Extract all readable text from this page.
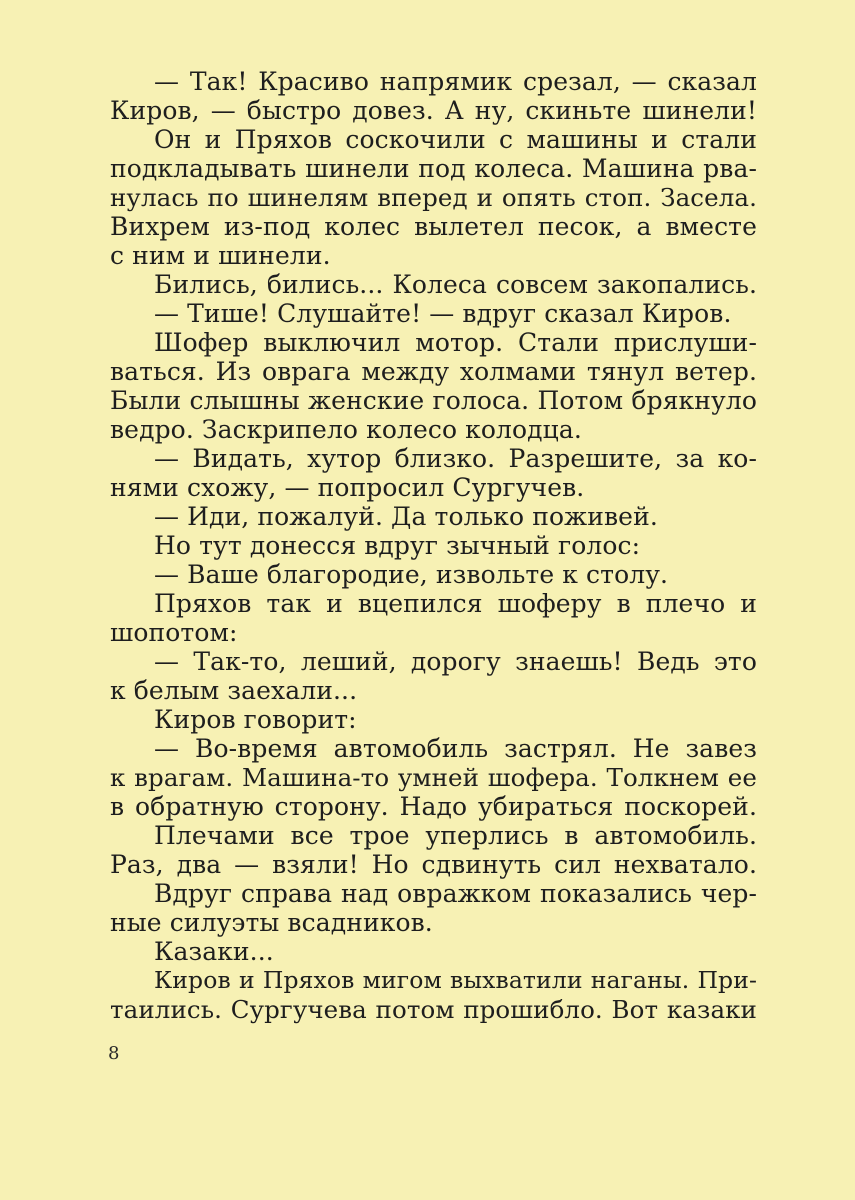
— Так! Красиво напрямик срезал, — сказал
Киров, — быстро довез. А ну, скиньте шинели!
Он и Пряхов соскочили с машины и стали
подкладывать шинели под колеса. Машина рва-
нулась по шинелям вперед и опять стоп. Засела.
Вихрем из-под колес вылетел песок, а вместе
с ним и шинели.
Бились, бились... Колеса совсем закопались.
— Тише! Слушайте! — вдруг сказал Киров.
Шофер выключил мотор. Стали прислуши-
ваться. Из оврага между холмами тянул ветер.
Были слышны женские голоса. Потом брякнуло
ведро. Заскрипело колесо колодца.
— Видать, хутор близко. Разрешите, за ко-
нями схожу, — попросил Сургучев.
— Иди, пожалуй. Да только поживей.
Но тут донесся вдруг зычный голос:
— Ваше благородие, извольте к столу.
Пряхов так и вцепился шоферу в плечо и
шопотом:
— Так-то, леший, дорогу знаешь! Ведь это
к белым заехали...
Киров говорит:
— Во-время автомобиль застрял. Не завез
к врагам. Машина-то умней шофера. Толкнем ее
в обратную сторону. Надо убираться поскорей.
Плечами все трое уперлись в автомобиль.
Раз, два — взяли! Но сдвинуть сил нехватало.
Вдруг справа над овражком показались чер-
ные силуэты всадников.
Казаки...
Киров и Пряхов мигом выхватили наганы. При-
таились. Сургучева потом прошибло. Вот казаки
8
